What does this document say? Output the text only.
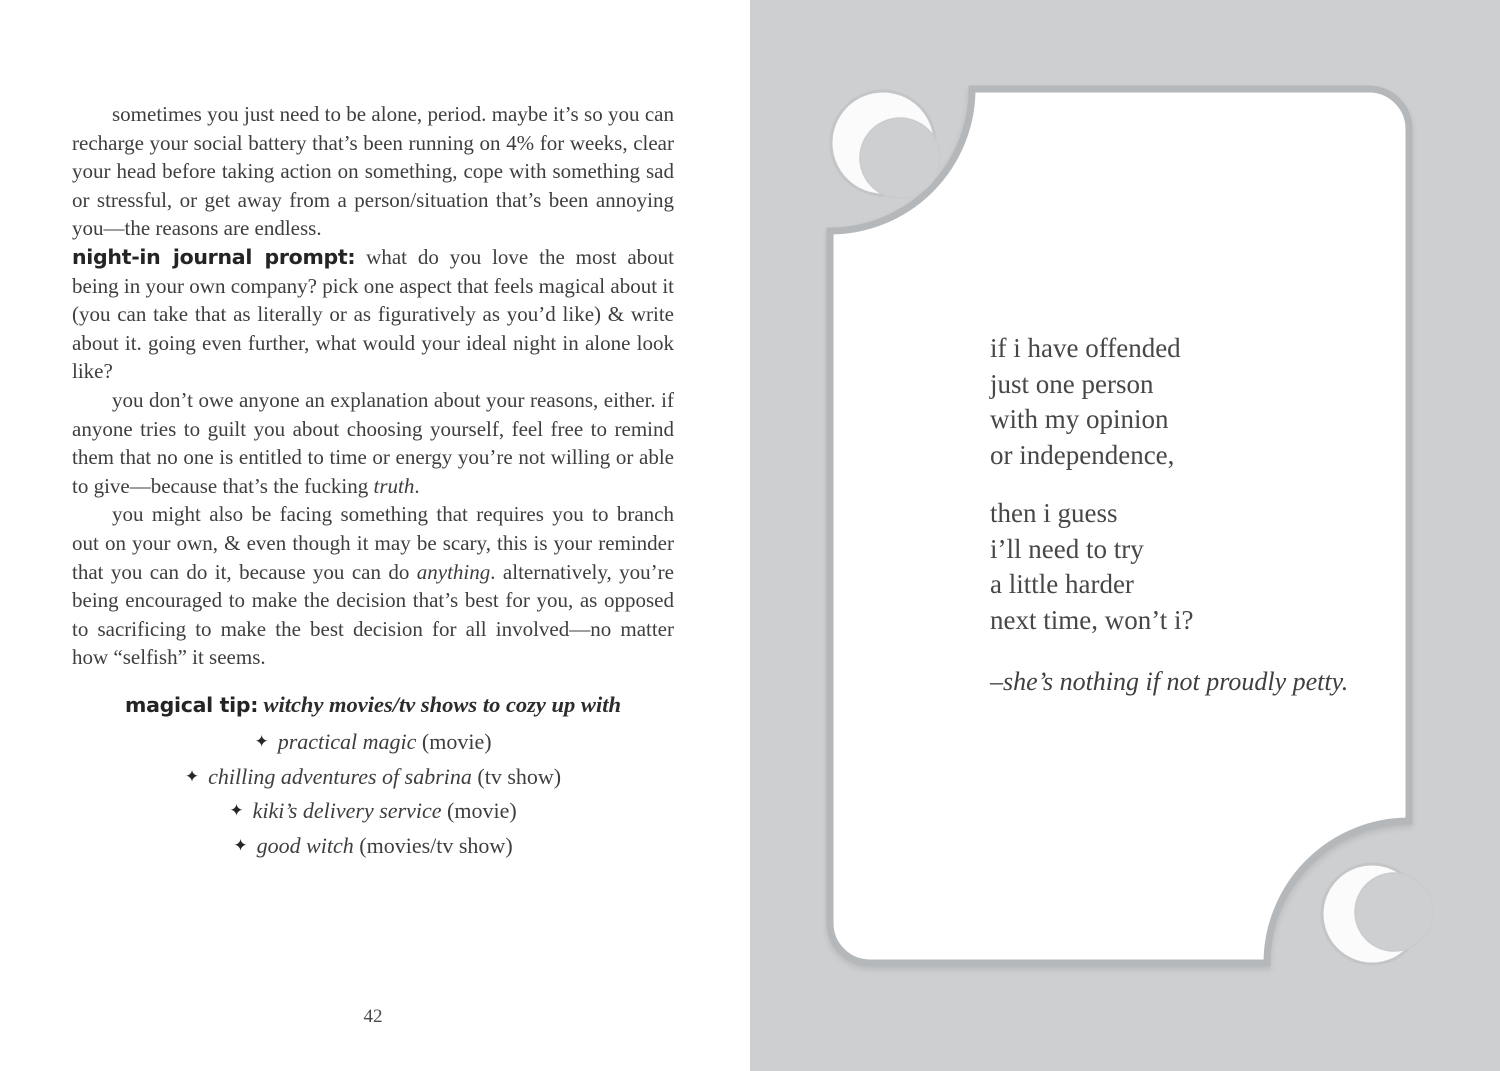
sometimes you just need to be alone, period. maybe it’s so you can recharge your social battery that’s been running on 4% for weeks, clear your head before taking action on something, cope with something sad or stressful, or get away from a person/situation that’s been annoying you—the reasons are endless.

night-in journal prompt: what do you love the most about being in your own company? pick one aspect that feels magical about it (you can take that as literally or as figuratively as you’d like) & write about it. going even further, what would your ideal night in alone look like?

you don’t owe anyone an explanation about your reasons, either. if anyone tries to guilt you about choosing yourself, feel free to remind them that no one is entitled to time or energy you’re not willing or able to give—because that’s the fucking truth.

you might also be facing something that requires you to branch out on your own, & even though it may be scary, this is your reminder that you can do it, because you can do anything. alternatively, you’re being encouraged to make the decision that’s best for you, as opposed to sacrificing to make the best decision for all involved—no matter how “selfish” it seems.

magical tip: witchy movies/tv shows to cozy up with
✦ practical magic (movie)
✦ chilling adventures of sabrina (tv show)
✦ kiki’s delivery service (movie)
✦ good witch (movies/tv show)
42
if i have offended
just one person
with my opinion
or independence,
then i guess
i’ll need to try
a little harder
next time, won’t i?
–she’s nothing if not proudly petty.
